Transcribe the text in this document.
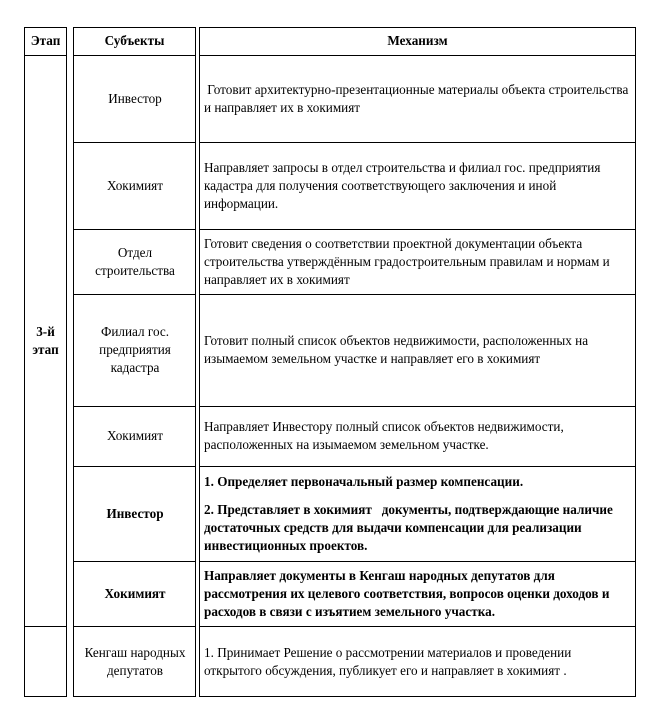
Этап	Субъекты	Механизм
3-й
этап
Инвестор
Готовит архитектурно-презентационные материалы объекта строительства и направляет их в хокимият
Хокимият
Направляет запросы в отдел строительства и филиал гос. предприятия кадастра для получения соответствующего заключения и иной информации.
Отдел строительства
Готовит сведения о соответствии проектной документации объекта строительства утверждённым градостроительным правилам и нормам и направляет их в хокимият
Филиал гос. предприятия кадастра
Готовит полный список объектов недвижимости, расположенных на изымаемом земельном участке и направляет его в хокимият
Хокимият
Направляет Инвестору полный список объектов недвижимости, расположенных на изымаемом земельном участке.
Инвестор

1. Определяет первоначальный размер компенсации.

2. Представляет в хокимият   документы, подтверждающие наличие достаточных средств для выдачи компенсации для реализации инвестиционных проектов.

Хокимият
Направляет документы в Кенгаш народных депутатов для рассмотрения их целевого соответствия, вопросов оценки доходов и расходов в связи с изъятием земельного участка.
Кенгаш народных депутатов
1. Принимает Решение о рассмотрении материалов и проведении открытого обсуждения, публикует его и направляет в хокимият .
